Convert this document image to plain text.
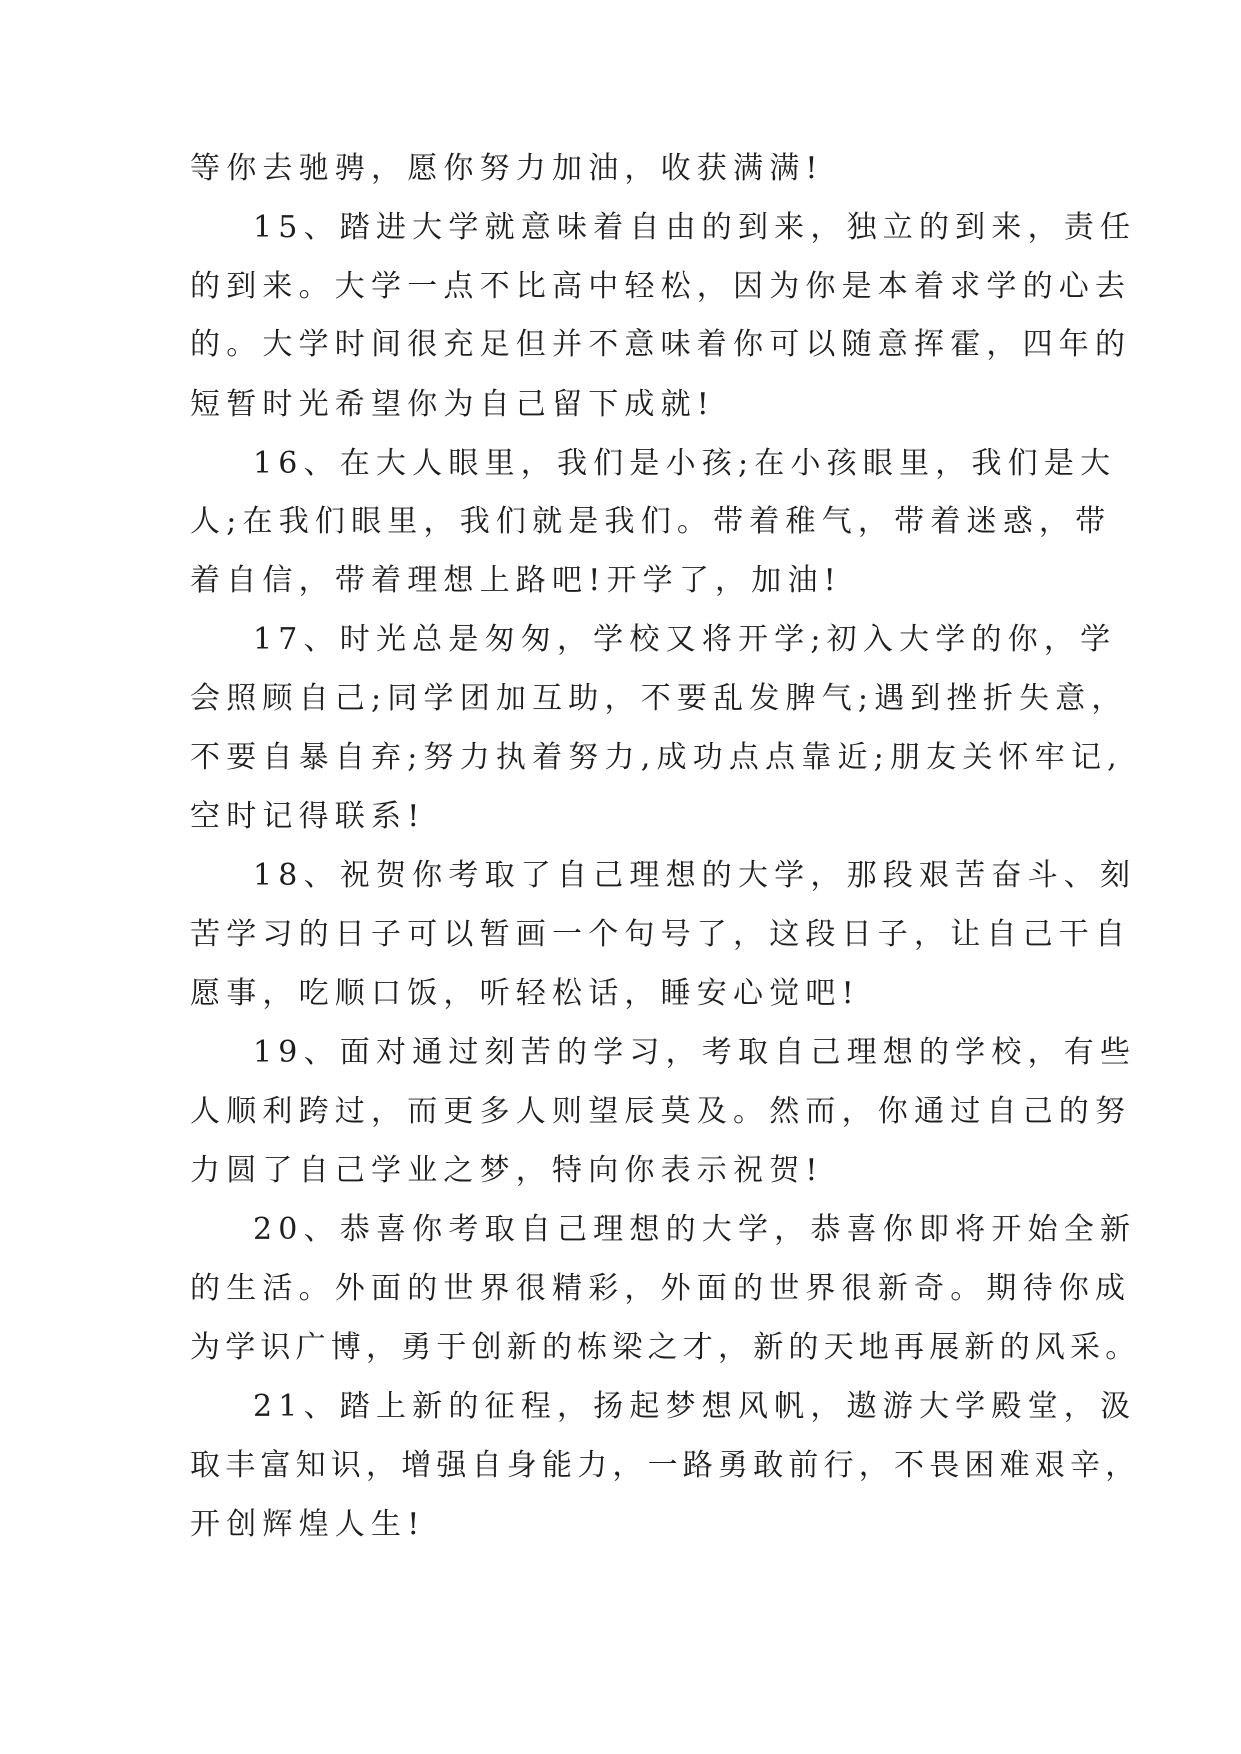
等你去驰骋，愿你努力加油，收获满满!

15、踏进大学就意味着自由的到来，独立的到来，责任

的到来。大学一点不比高中轻松，因为你是本着求学的心去

的。大学时间很充足但并不意味着你可以随意挥霍，四年的

短暂时光希望你为自己留下成就!

16、在大人眼里，我们是小孩;在小孩眼里，我们是大

人;在我们眼里，我们就是我们。带着稚气，带着迷惑，带

着自信，带着理想上路吧!开学了，加油!

17、时光总是匆匆，学校又将开学;初入大学的你，学

会照顾自己;同学团加互助，不要乱发脾气;遇到挫折失意，

不要自暴自弃;努力执着努力,成功点点靠近;朋友关怀牢记,

空时记得联系!

18、祝贺你考取了自己理想的大学，那段艰苦奋斗、刻

苦学习的日子可以暂画一个句号了，这段日子，让自己干自

愿事，吃顺口饭，听轻松话，睡安心觉吧!

19、面对通过刻苦的学习，考取自己理想的学校，有些

人顺利跨过，而更多人则望辰莫及。然而，你通过自己的努

力圆了自己学业之梦，特向你表示祝贺!

20、恭喜你考取自己理想的大学，恭喜你即将开始全新

的生活。外面的世界很精彩，外面的世界很新奇。期待你成

为学识广博，勇于创新的栋梁之才，新的天地再展新的风采。

21、踏上新的征程，扬起梦想风帆，遨游大学殿堂，汲

取丰富知识，增强自身能力，一路勇敢前行，不畏困难艰辛，

开创辉煌人生!
